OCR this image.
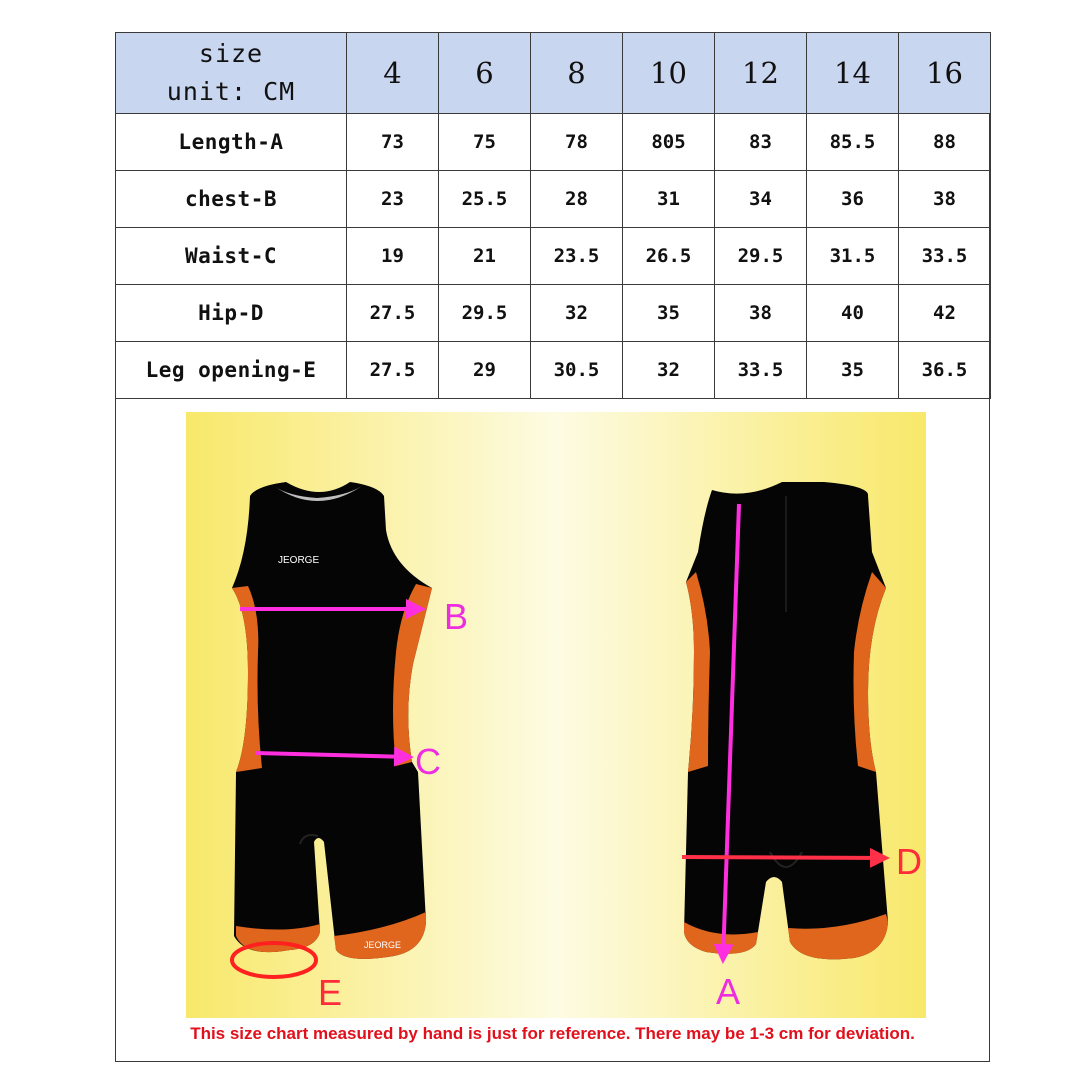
size
unit: CM	4	6	8	10	12	14	16
Length-A	73	75	78	805	83	85.5	88
chest-B	23	25.5	28	31	34	36	38
Waist-C	19	21	23.5	26.5	29.5	31.5	33.5
Hip-D	27.5	29.5	32	35	38	40	42
Leg opening-E	27.5	29	30.5	32	33.5	35	36.5
JEORGE
JEORGE
B
C
E	A
D
This size chart measured by hand is just for reference. There may be 1-3 cm for deviation.
